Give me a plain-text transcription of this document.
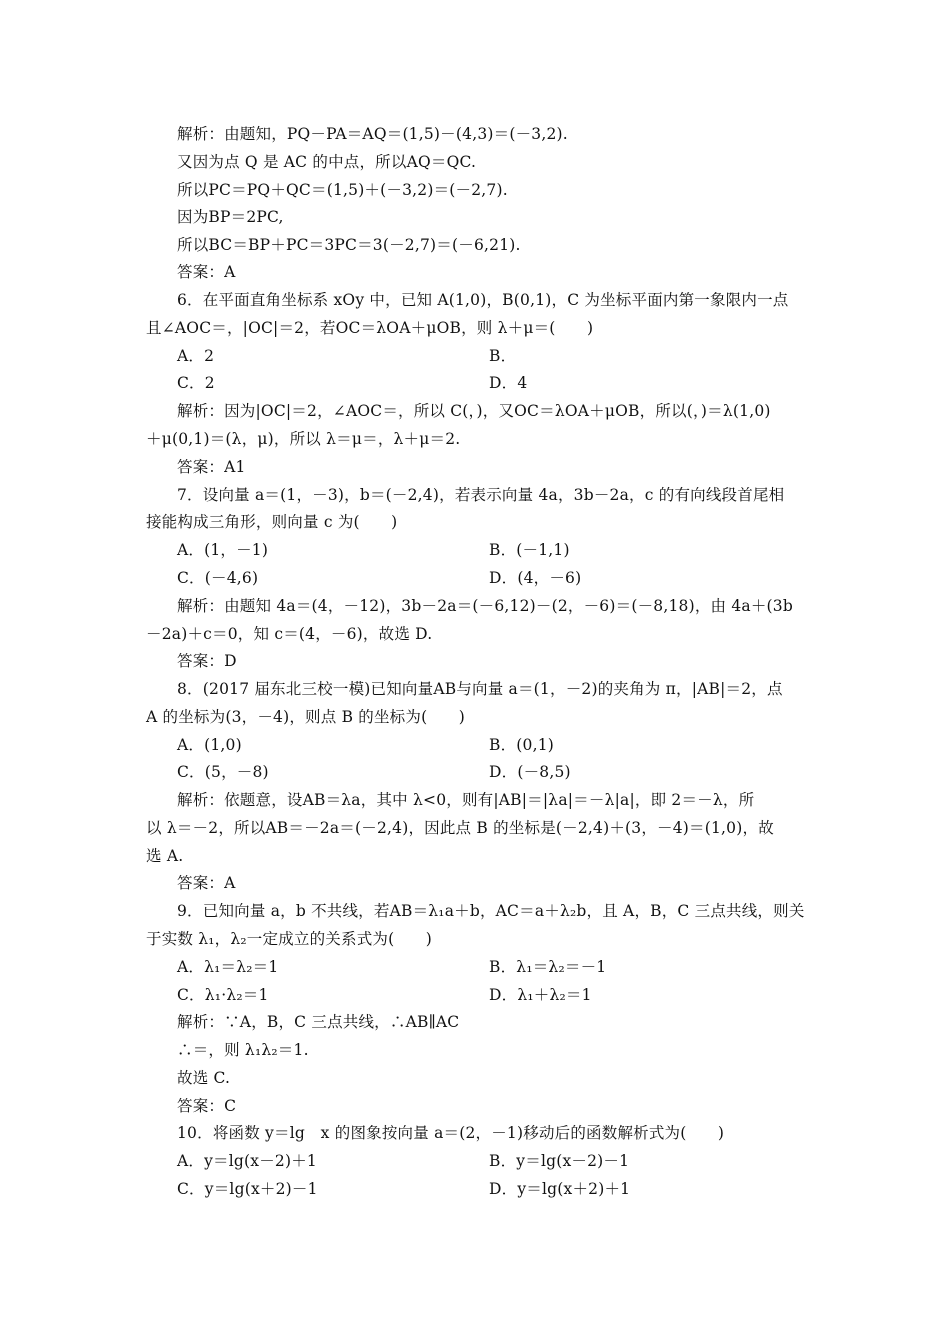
解析：由题知，PQ－PA＝AQ＝(1,5)－(4,3)＝(－3,2).
又因为点 Q 是 AC 的中点，所以AQ＝QC.
所以PC＝PQ＋QC＝(1,5)＋(－3,2)＝(－2,7).
因为BP＝2PC,
所以BC＝BP＋PC＝3PC＝3(－2,7)＝(－6,21).
答案：A
6．在平面直角坐标系 xOy 中，已知 A(1,0)，B(0,1)，C 为坐标平面内第一象限内一点
且∠AOC＝，|OC|＝2，若OC＝λOA＋μOB，则 λ＋μ＝(　　)
A．2	B．
C．2	D．4
解析：因为|OC|＝2，∠AOC＝，所以 C(，)，又OC＝λOA＋μOB，所以(，)＝λ(1,0)
＋μ(0,1)＝(λ，μ)，所以 λ＝μ＝，λ＋μ＝2.
答案：A1
7．设向量 a＝(1，－3)，b＝(－2,4)，若表示向量 4a，3b－2a，c 的有向线段首尾相
接能构成三角形，则向量 c 为(　　)
A．(1，－1)	B．(－1,1)
C．(－4,6)	D．(4，－6)
解析：由题知 4a＝(4，－12)，3b－2a＝(－6,12)－(2，－6)＝(－8,18)，由 4a＋(3b
－2a)＋c＝0，知 c＝(4，－6)，故选 D.
答案：D
8．(2017 届东北三校一模)已知向量AB与向量 a＝(1，－2)的夹角为 π，|AB|＝2，点
A 的坐标为(3，－4)，则点 B 的坐标为(　　)
A．(1,0)	B．(0,1)
C．(5，－8)	D．(－8,5)
解析：依题意，设AB＝λa，其中 λ<0，则有|AB|＝|λa|＝－λ|a|，即 2＝－λ，所
以 λ＝－2，所以AB＝－2a＝(－2,4)，因此点 B 的坐标是(－2,4)＋(3，－4)＝(1,0)，故
选 A.
答案：A
9．已知向量 a，b 不共线，若AB＝λ₁a＋b，AC＝a＋λ₂b，且 A，B，C 三点共线，则关
于实数 λ₁，λ₂一定成立的关系式为(　　)
A．λ₁＝λ₂＝1	B．λ₁＝λ₂＝－1
C．λ₁·λ₂＝1	D．λ₁＋λ₂＝1
解析：∵A，B，C 三点共线，∴AB∥AC
∴＝，则 λ₁λ₂＝1.
故选 C.
答案：C
10．将函数 y＝lg　x 的图象按向量 a＝(2，－1)移动后的函数解析式为(　　)
A．y＝lg(x－2)＋1	B．y＝lg(x－2)－1
C．y＝lg(x＋2)－1	D．y＝lg(x＋2)＋1
